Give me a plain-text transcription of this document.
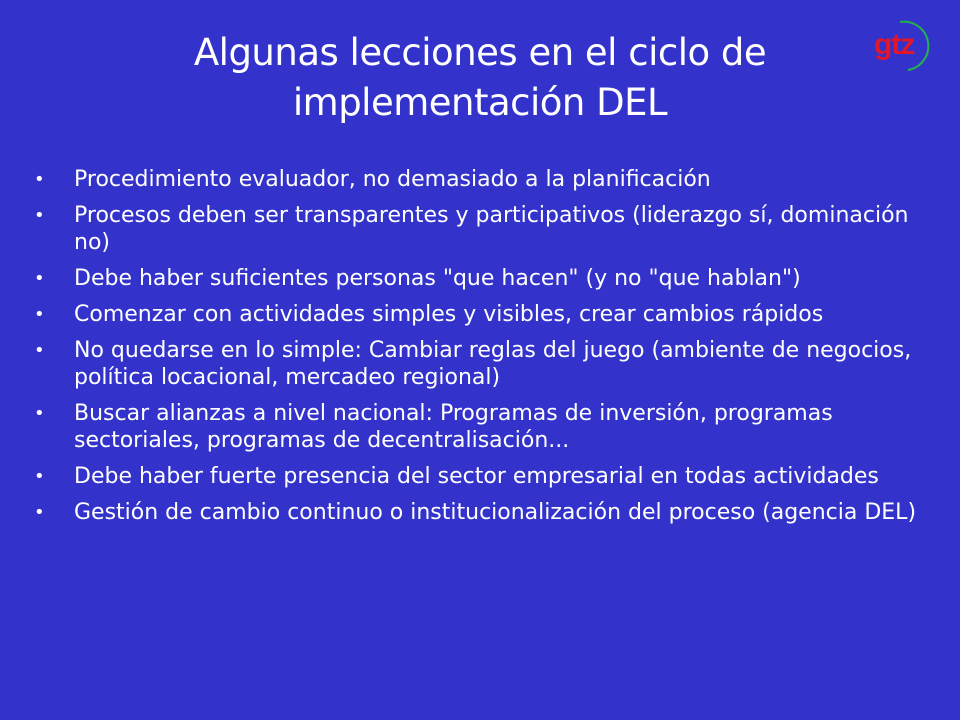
Algunas lecciones en el ciclo de
implementación DEL
gtz
• Procedimiento evaluador, no demasiado a la planificación
• Procesos deben ser transparentes y participativos (liderazgo sí, dominación no)
• Debe haber suficientes personas "que hacen" (y no "que hablan")
• Comenzar con actividades simples y visibles, crear cambios rápidos
• No quedarse en lo simple: Cambiar reglas del juego (ambiente de negocios, política locacional, mercadeo regional)
• Buscar alianzas a nivel nacional: Programas de inversión, programas sectoriales, programas de decentralisación...
• Debe haber fuerte presencia del sector empresarial en todas actividades
• Gestión de cambio continuo o institucionalización del proceso (agencia DEL)
